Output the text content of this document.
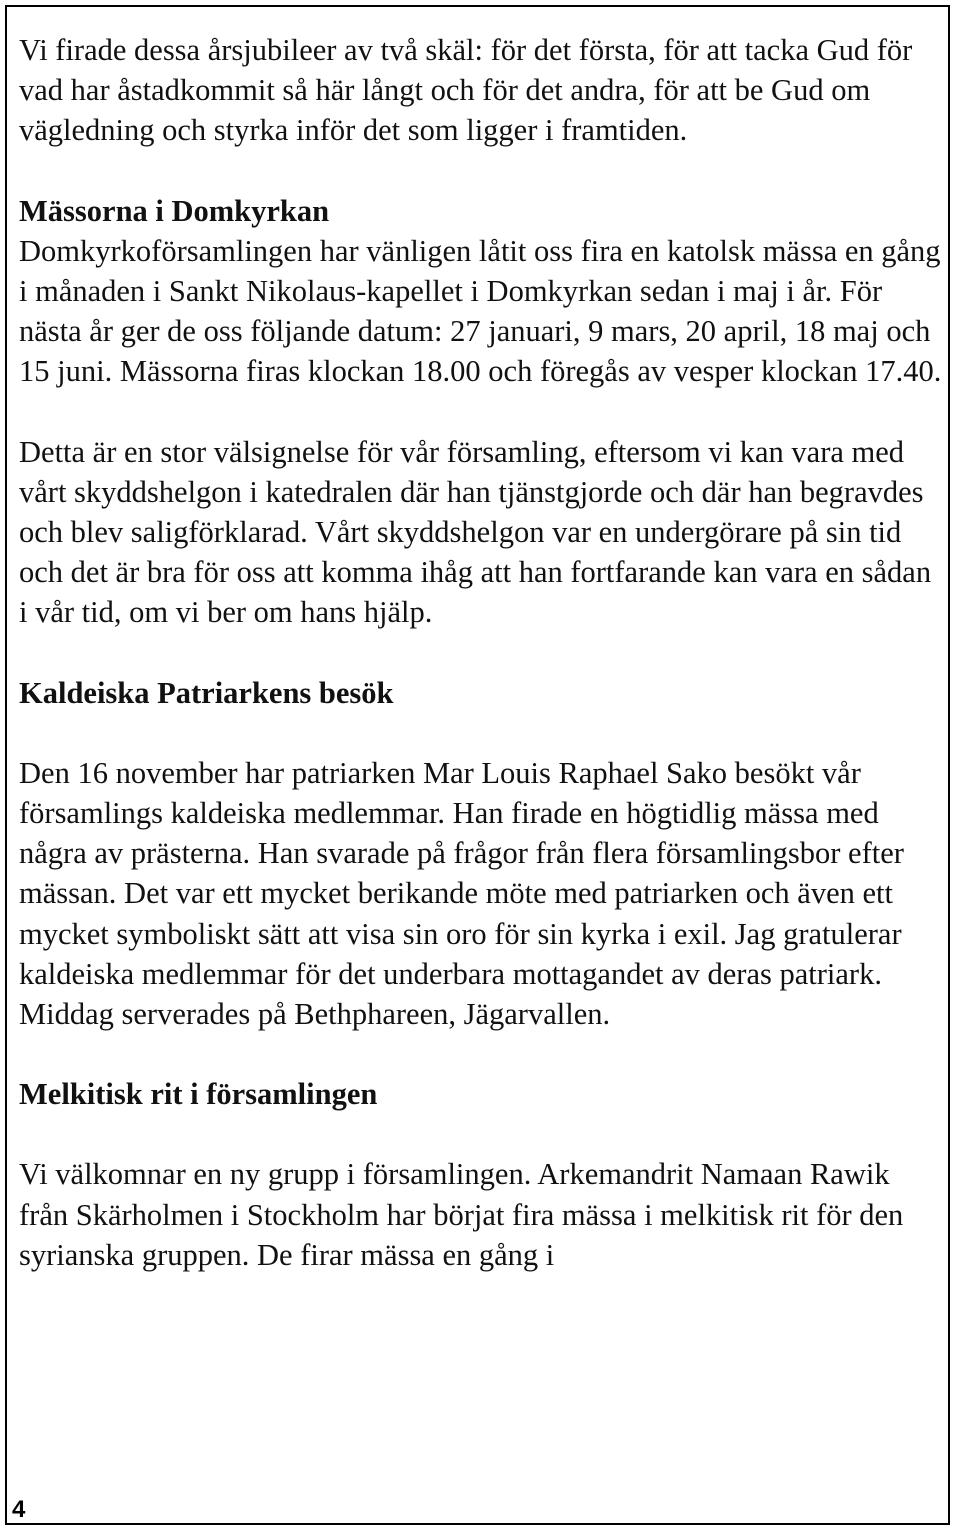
Vi firade dessa årsjubileer av två skäl: för det första, för att tacka Gud för vad har åstadkommit så här långt och för det andra, för att be Gud om vägledning och styrka inför det som ligger i framtiden.

Mässorna i Domkyrkan

Domkyrkoförsamlingen har vänligen låtit oss fira en katolsk mässa en gång i månaden i Sankt Nikolaus-kapellet i Domkyrkan sedan i maj i år. För nästa år ger de oss följande datum: 27 januari, 9 mars, 20 april, 18 maj och 15 juni. Mässorna firas klockan 18.00 och föregås av vesper klockan 17.40.

Detta är en stor välsignelse för vår församling, eftersom vi kan vara med vårt skyddshelgon i katedralen där han tjänstgjorde och där han begravdes och blev saligförklarad. Vårt skyddshelgon var en undergörare på sin tid och det är bra för oss att komma ihåg att han fortfarande kan vara en sådan i vår tid, om vi ber om hans hjälp.

Kaldeiska Patriarkens besök

Den 16 november har patriarken Mar Louis Raphael Sako besökt vår församlings kaldeiska medlemmar. Han firade en högtidlig mässa med några av prästerna. Han svarade på frågor från flera församlingsbor efter mässan. Det var ett mycket berikande möte med patriarken och även ett mycket symboliskt sätt att visa sin oro för sin kyrka i exil. Jag gratulerar kaldeiska medlemmar för det underbara mottagandet av deras patriark. Middag serverades på Bethphareen, Jägarvallen.

Melkitisk rit i församlingen

Vi välkomnar en ny grupp i församlingen. Arkemandrit Namaan Rawik från Skärholmen i Stockholm har börjat fira mässa i melkitisk rit för den syrianska gruppen. De firar mässa en gång i

4
